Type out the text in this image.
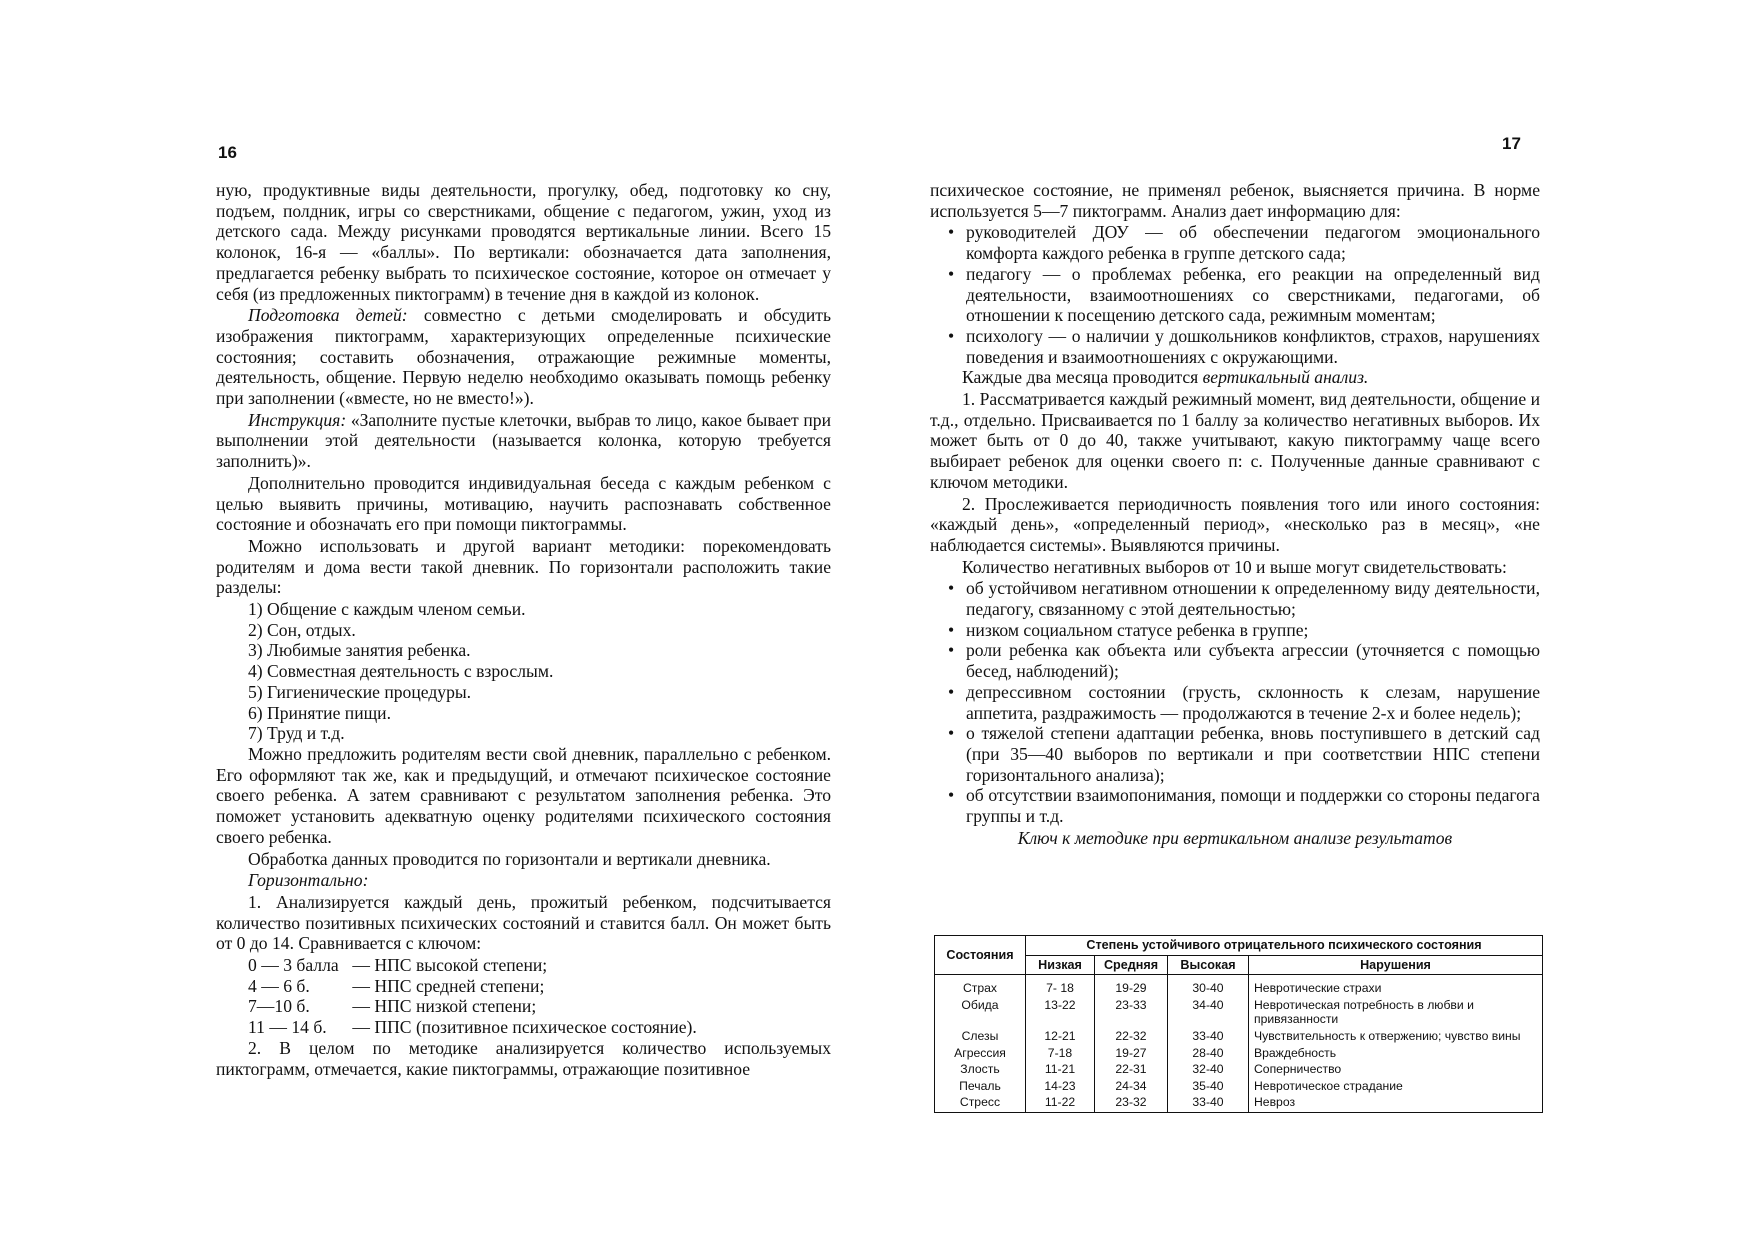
16

ную, продуктивные виды деятельности, прогулку, обед, подготовку ко сну, подъем, полдник, игры со сверстниками, общение с педагогом, ужин, уход из детского сада. Между рисунками проводятся вертикальные линии. Всего 15 колонок, 16-я — «баллы». По вертикали: обозначается дата заполнения, предлагается ребенку выбрать то психическое состояние, которое он отмечает у себя (из предложенных пиктограмм) в течение дня в каждой из колонок.

Подготовка детей: совместно с детьми смоделировать и обсудить изображения пиктограмм, характеризующих определенные психические состояния; составить обозначения, отражающие режимные моменты, деятельность, общение. Первую неделю необходимо оказывать помощь ребенку при заполнении («вместе, но не вместо!»).

Инструкция: «Заполните пустые клеточки, выбрав то лицо, какое бывает при выполнении этой деятельности (называется колонка, которую требуется заполнить)».

Дополнительно проводится индивидуальная беседа с каждым ребенком с целью выявить причины, мотивацию, научить распознавать собственное состояние и обозначать его при помощи пиктограммы.

Можно использовать и другой вариант методики: порекомендовать родителям и дома вести такой дневник. По горизонтали расположить такие разделы:

1) Общение с каждым членом семьи.
2) Сон, отдых.
3) Любимые занятия ребенка.
4) Совместная деятельность с взрослым.
5) Гигиенические процедуры.
6) Принятие пищи.
7) Труд и т.д.

Можно предложить родителям вести свой дневник, параллельно с ребенком. Его оформляют так же, как и предыдущий, и отмечают психическое состояние своего ребенка. А затем сравнивают с результатом заполнения ребенка. Это поможет установить адекватную оценку родителями психического состояния своего ребенка.

Обработка данных проводится по горизонтали и вертикали дневника.

Горизонтально:

1. Анализируется каждый день, прожитый ребенком, подсчитывается количество позитивных психических состояний и ставится балл. Он может быть от 0 до 14. Сравнивается с ключом:

0 — 3 балла — НПС высокой степени;
4 — 6 б. — НПС средней степени;
7—10 б. — НПС низкой степени;
11 — 14 б. — ППС (позитивное психическое состояние).

2. В целом по методике анализируется количество используемых пиктограмм, отмечается, какие пиктограммы, отражающие позитивное

17

психическое состояние, не применял ребенок, выясняется причина. В норме используется 5—7 пиктограмм. Анализ дает информацию для:

• руководителей ДОУ — об обеспечении педагогом эмоционального комфорта каждого ребенка в группе детского сада;
• педагогу — о проблемах ребенка, его реакции на определенный вид деятельности, взаимоотношениях со сверстниками, педагогами, об отношении к посещению детского сада, режимным моментам;
• психологу — о наличии у дошкольников конфликтов, страхов, нарушениях поведения и взаимоотношениях с окружающими.

Каждые два месяца проводится вертикальный анализ.

1. Рассматривается каждый режимный момент, вид деятельности, общение и т.д., отдельно. Присваивается по 1 баллу за количество негативных выборов. Их может быть от 0 до 40, также учитывают, какую пиктограмму чаще всего выбирает ребенок для оценки своего п: с. Полученные данные сравнивают с ключом методики.

2. Прослеживается периодичность появления того или иного состояния: «каждый день», «определенный период», «несколько раз в месяц», «не наблюдается системы». Выявляются причины.

Количество негативных выборов от 10 и выше могут свидетельствовать:

• об устойчивом негативном отношении к определенному виду деятельности, педагогу, связанному с этой деятельностью;
• низком социальном статусе ребенка в группе;
• роли ребенка как объекта или субъекта агрессии (уточняется с помощью бесед, наблюдений);
• депрессивном состоянии (грусть, склонность к слезам, нарушение аппетита, раздражимость — продолжаются в течение 2-х и более недель);
• о тяжелой степени адаптации ребенка, вновь поступившего в детский сад (при 35—40 выборов по вертикали и при соответствии НПС степени горизонтального анализа);
• об отсутствии взаимопонимания, помощи и поддержки со стороны педагога группы и т.д.
Ключ к методике при вертикальном анализе результатов
Состояния	Степень устойчивого отрицательного психического состояния			
	Низкая	Средняя	Высокая	Нарушения

Страх	7- 18	19-29	30-40	Невротические страхи
Обида	13-22	23-33	34-40	Невротическая потребность в любви и привязанности
Слезы	12-21	22-32	33-40	Чувствительность к отвержению; чувство вины
Агрессия	7-18	19-27	28-40	Враждебность
Злость	11-21	22-31	32-40	Соперничество
Печаль	14-23	24-34	35-40	Невротическое страдание
Стресс	11-22	23-32	33-40	Невроз
